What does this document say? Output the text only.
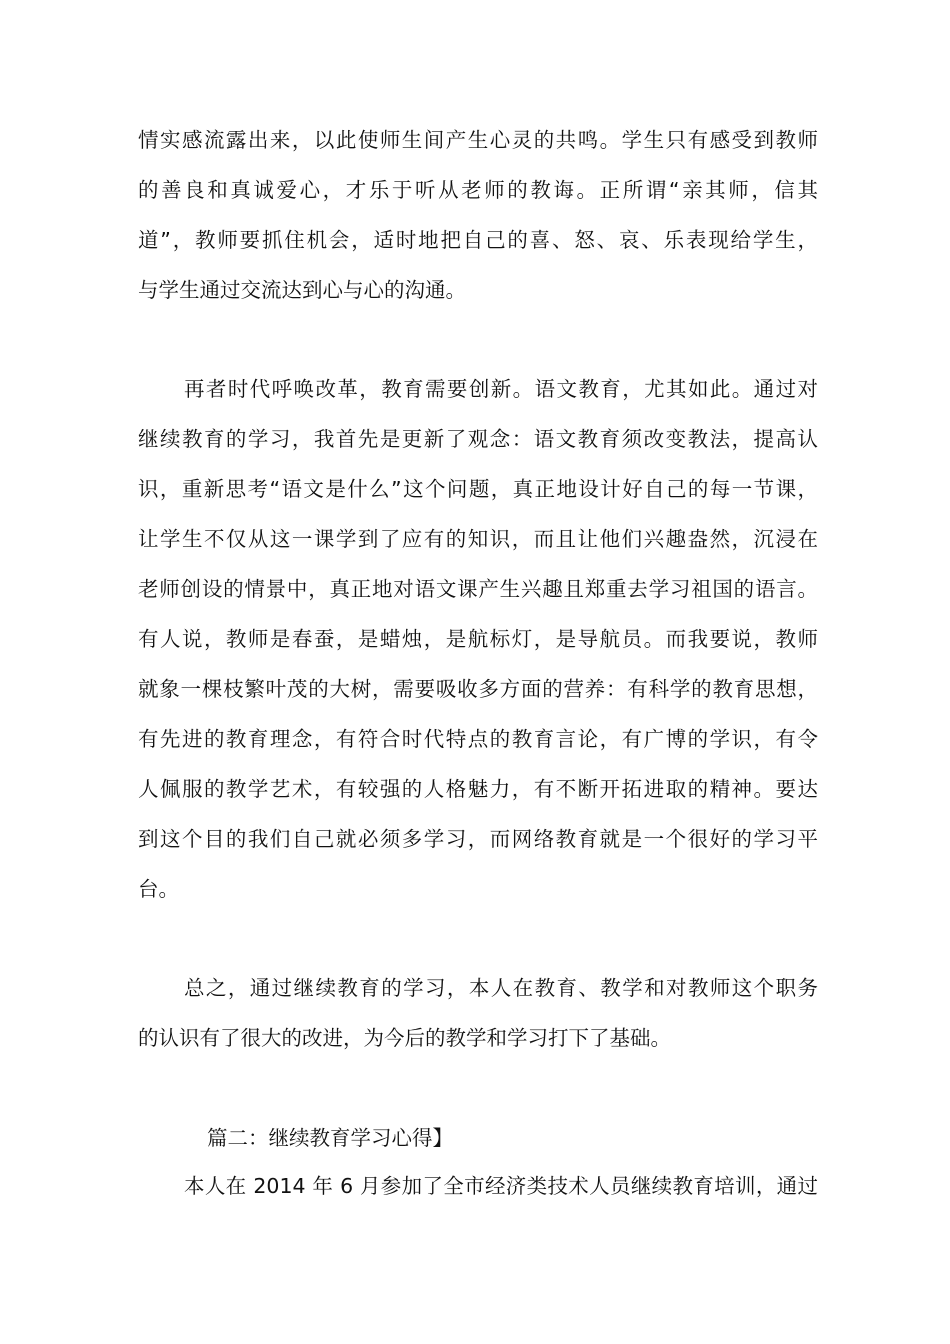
情实感流露出来，以此使师生间产生心灵的共鸣。学生只有感受到教师
的善良和真诚爱心，才乐于听从老师的教诲。正所谓“亲其师，信其
道”，教师要抓住机会，适时地把自己的喜、怒、哀、乐表现给学生，
与学生通过交流达到心与心的沟通。
再者时代呼唤改革，教育需要创新。语文教育，尤其如此。通过对
继续教育的学习，我首先是更新了观念：语文教育须改变教法，提高认
识，重新思考“语文是什么”这个问题，真正地设计好自己的每一节课，
让学生不仅从这一课学到了应有的知识，而且让他们兴趣盎然，沉浸在
老师创设的情景中，真正地对语文课产生兴趣且郑重去学习祖国的语言。
有人说，教师是春蚕，是蜡烛，是航标灯，是导航员。而我要说，教师
就象一棵枝繁叶茂的大树，需要吸收多方面的营养：有科学的教育思想，
有先进的教育理念，有符合时代特点的教育言论，有广博的学识，有令
人佩服的教学艺术，有较强的人格魅力，有不断开拓进取的精神。要达
到这个目的我们自己就必须多学习，而网络教育就是一个很好的学习平
台。
总之，通过继续教育的学习，本人在教育、教学和对教师这个职务
的认识有了很大的改进，为今后的教学和学习打下了基础。
篇二：继续教育学习心得】
本人在 2014 年 6 月参加了全市经济类技术人员继续教育培训，通过
